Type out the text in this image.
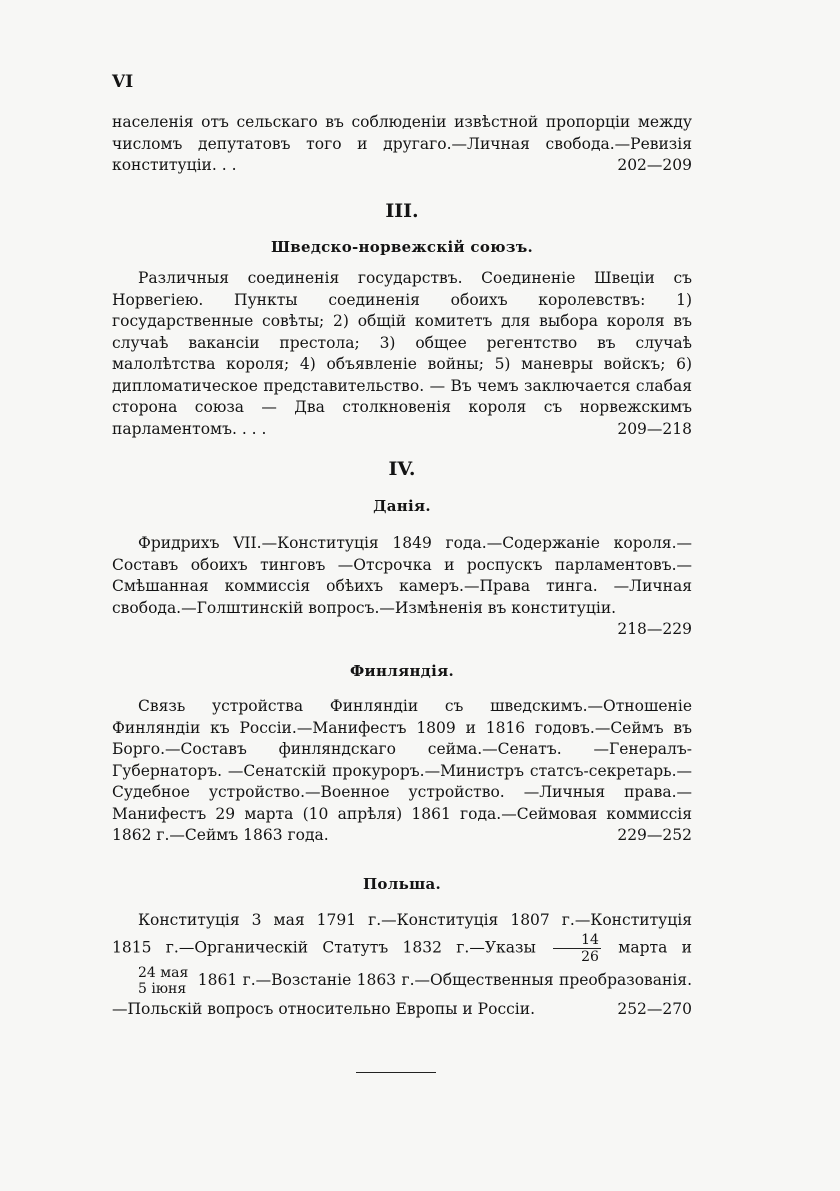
VI

населенія отъ сельскаго въ соблюденіи извѣстной пропорціи между числомъ депутатовъ того и другаго.—Личная свобода.—Ревизія конституціи. . .	202—209

III.

Шведско-норвежскій союзъ.

Различныя соединенія государствъ. Соединеніе Швеціи съ Норвегіею. Пункты соединенія обоихъ королевствъ: 1) государственные совѣты; 2) общій комитетъ для выбора короля въ случаѣ вакансіи престола; 3) общее регентство въ случаѣ малолѣтства короля; 4) объявленіе войны; 5) маневры войскъ; 6) дипломатическое представительство. — Въ чемъ заключается слабая сторона союза — Два столкновенія короля съ норвежскимъ парламентомъ. . . .	209—218

IV.

Данія.

Фридрихъ VII.—Конституція 1849 года.—Содержаніе короля.—Составъ обоихъ тинговъ —Отсрочка и роспускъ парламентовъ.—Смѣшанная коммиссія обѣихъ камеръ.—Права тинга. —Личная свобода.—Голштинскій вопросъ.—Измѣненія въ конституціи.
218—229

Финляндія.

Связь устройства Финляндіи съ шведскимъ.—Отношеніе Финляндіи къ Россіи.—Манифестъ 1809 и 1816 годовъ.—Сеймъ въ Борго.—Составъ финляндскаго сейма.—Сенатъ. —Генералъ-Губернаторъ. —Сенатскій прокуроръ.—Министръ статсъ-секретарь.—Судебное устройство.—Военное устройство. —Личныя права.—Манифестъ 29 марта (10 апрѣля) 1861 года.—Сеймовая коммиссія 1862 г.—Сеймъ 1863 года.	229—252

Польша.

Конституція 3 мая 1791 г.—Конституція 1807 г.—Конституція 1815 г.—Органическій Статутъ 1832 г.—Указы $\frac{14}{26}$ марта и
24 мая
5 іюня 1861 г.—Возстаніе 1863 г.—Общественныя преобразованія.—Польскій вопросъ относительно Европы и Россіи.	252—270
